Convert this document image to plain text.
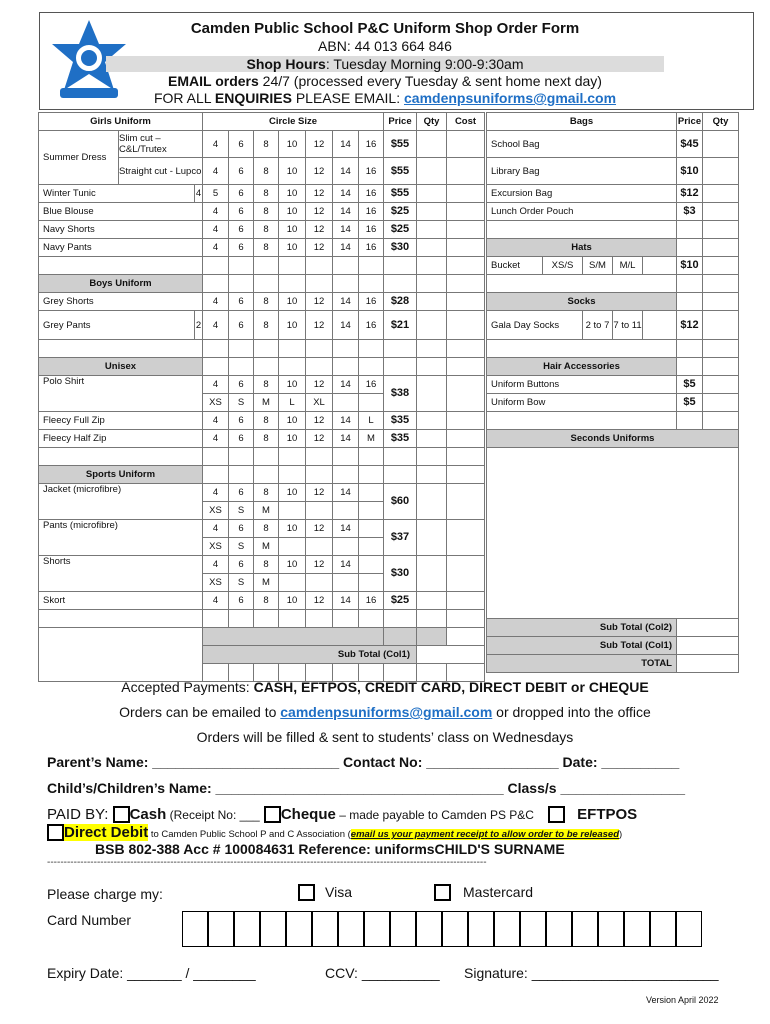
Camden Public School P&C Uniform Shop Order Form
ABN: 44 013 664 846
Shop Hours: Tuesday Morning 9:00-9:30am
EMAIL orders 24/7 (processed every Tuesday & sent home next day)
FOR ALL ENQUIRIES PLEASE EMAIL: camdenpsuniforms@gmail.com
Girls Uniform			Circle Size							Price	Qty	Cost
Summer Dress	Slim cut – C&L/Trutex		4	6	8	10	12	14	16	$55		
	Straight cut - Lupco		4	6	8	10	12	14	16	$55		
Winter Tunic		4	5	6	8	10	12	14	16	$55		
Blue Blouse			4	6	8	10	12	14	16	$25		
Navy Shorts			4	6	8	10	12	14	16	$25		
Navy Pants			4	6	8	10	12	14	16	$30		

Boys Uniform												
Grey Shorts			4	6	8	10	12	14	16	$28		
Grey Pants		2	4	6	8	10	12	14	16	$21		

Unisex												
Polo Shirt			4	6	8	10	12	14	16	$38		
			XS	S	M	L	XL					
Fleecy Full Zip			4	6	8	10	12	14	L	$35		
Fleecy Half Zip			4	6	8	10	12	14	M	$35		

Sports Uniform												
Jacket (microfibre)			4	6	8	10	12	14		$60		
			XS	S	M							
Pants (microfibre)			4	6	8	10	12	14		$37		
			XS	S	M							
Shorts			4	6	8	10	12	14		$30		
			XS	S	M							
Skort			4	6	8	10	12	14	16	$25		

			Sub Total (Col1)									

Bags					Price	Qty
School Bag					$45	
Library Bag					$10	
Excursion Bag					$12	
Lunch Order Pouch					$3	

Hats						
Bucket	XS/S	S/M	M/L		$10	

Socks						
Gala Day Socks		2 to 7	7 to 11		$12	

Hair Accessories						
Uniform Buttons					$5	
Uniform Bow					$5	

Seconds Uniforms						

Sub Total (Col2)						
Sub Total (Col1)						
TOTAL						
Accepted Payments: CASH, EFTPOS, CREDIT CARD, DIRECT DEBIT or CHEQUE
Orders can be emailed to camdenpsuniforms@gmail.com or dropped into the office
Orders will be filled & sent to students’ class on Wednesdays
Parent’s Name: ________________________ Contact No: _________________ Date: __________
Child’s/Children’s Name: _____________________________________ Class/s ________________
PAID BY: Cash (Receipt No: ___ Cheque – made payable to Camden PS P&C	EFTPOS
Direct Debit to Camden Public School P and C Association (email us your payment receipt to allow order to be released)
BSB 802-388 Acc # 100084631 Reference: uniformsCHILD'S SURNAME
------------------------------------------------------------------------------------------------------------------------------------
Please charge my:	Visa	Mastercard
Card Number
Expiry Date: _______ / ________	CCV: __________ Signature: ________________________
Version April 2022
